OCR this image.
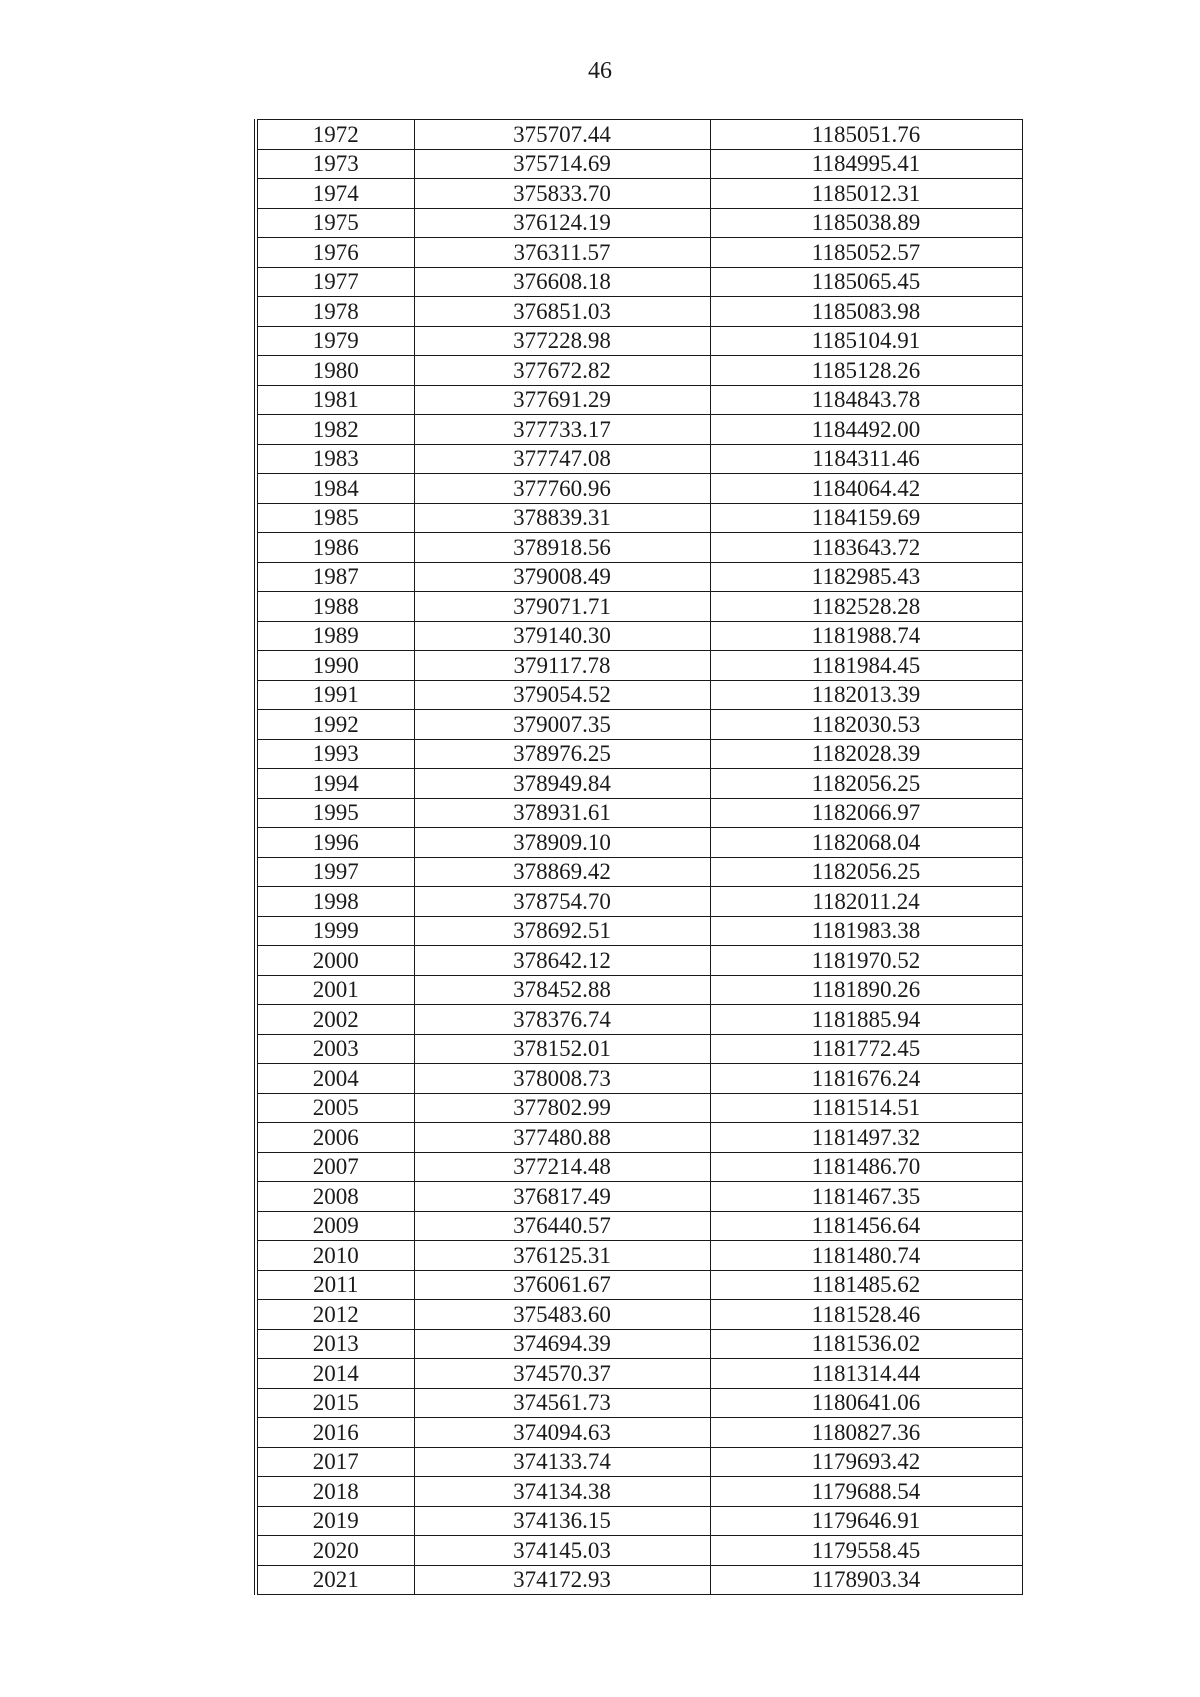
46
1972	375707.44	1185051.76
1973	375714.69	1184995.41
1974	375833.70	1185012.31
1975	376124.19	1185038.89
1976	376311.57	1185052.57
1977	376608.18	1185065.45
1978	376851.03	1185083.98
1979	377228.98	1185104.91
1980	377672.82	1185128.26
1981	377691.29	1184843.78
1982	377733.17	1184492.00
1983	377747.08	1184311.46
1984	377760.96	1184064.42
1985	378839.31	1184159.69
1986	378918.56	1183643.72
1987	379008.49	1182985.43
1988	379071.71	1182528.28
1989	379140.30	1181988.74
1990	379117.78	1181984.45
1991	379054.52	1182013.39
1992	379007.35	1182030.53
1993	378976.25	1182028.39
1994	378949.84	1182056.25
1995	378931.61	1182066.97
1996	378909.10	1182068.04
1997	378869.42	1182056.25
1998	378754.70	1182011.24
1999	378692.51	1181983.38
2000	378642.12	1181970.52
2001	378452.88	1181890.26
2002	378376.74	1181885.94
2003	378152.01	1181772.45
2004	378008.73	1181676.24
2005	377802.99	1181514.51
2006	377480.88	1181497.32
2007	377214.48	1181486.70
2008	376817.49	1181467.35
2009	376440.57	1181456.64
2010	376125.31	1181480.74
2011	376061.67	1181485.62
2012	375483.60	1181528.46
2013	374694.39	1181536.02
2014	374570.37	1181314.44
2015	374561.73	1180641.06
2016	374094.63	1180827.36
2017	374133.74	1179693.42
2018	374134.38	1179688.54
2019	374136.15	1179646.91
2020	374145.03	1179558.45
2021	374172.93	1178903.34
